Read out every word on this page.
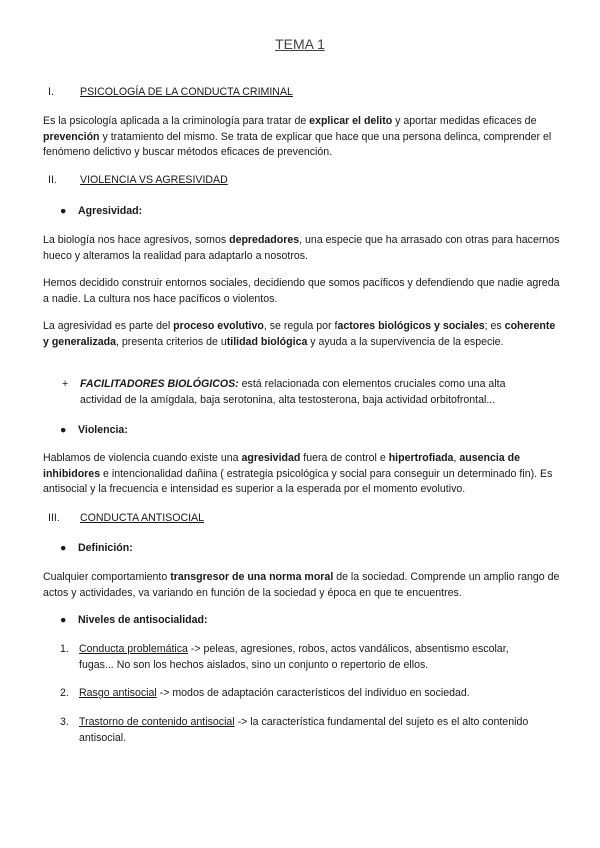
TEMA 1
I. PSICOLOGÍA DE LA CONDUCTA CRIMINAL

Es la psicología aplicada a la criminología para tratar de explicar el delito y aportar medidas eficaces de prevención y tratamiento del mismo. Se trata de explicar que hace que una persona delinca, comprender el fenómeno delictivo y buscar métodos eficaces de prevención.

II. VIOLENCIA VS AGRESIVIDAD
● Agresividad:

La biología nos hace agresivos, somos depredadores, una especie que ha arrasado con otras para hacernos hueco y alteramos la realidad para adaptarlo a nosotros.

Hemos decidido construir entornos sociales, decidiendo que somos pacíficos y defendiendo que nadie agreda a nadie. La cultura nos hace pacíficos o violentos.

La agresividad es parte del proceso evolutivo, se regula por factores biológicos y sociales; es coherente y generalizada, presenta criterios de utilidad biológica y ayuda a la supervivencia de la especie.

+ FACILITADORES BIOLÓGICOS: está relacionada con elementos cruciales como una alta actividad de la amígdala, baja serotonina, alta testosterona, baja actividad orbitofrontal...
● Violencia:

Hablamos de violencia cuando existe una agresividad fuera de control e hipertrofiada, ausencia de inhibidores e intencionalidad dañina ( estrategia psicológica y social para conseguir un determinado fin). Es antisocial y la frecuencia e intensidad es superior a la esperada por el momento evolutivo.

III. CONDUCTA ANTISOCIAL
● Definición:

Cualquier comportamiento transgresor de una norma moral de la sociedad. Comprende un amplio rango de actos y actividades, va variando en función de la sociedad y época en que te encuentres.

● Niveles de antisocialidad:
1. Conducta problemática -> peleas, agresiones, robos, actos vandálicos, absentismo escolar, fugas... No son los hechos aislados, sino un conjunto o repertorio de ellos.
2. Rasgo antisocial -> modos de adaptación característicos del individuo en sociedad.
3. Trastorno de contenido antisocial -> la característica fundamental del sujeto es el alto contenido antisocial.
